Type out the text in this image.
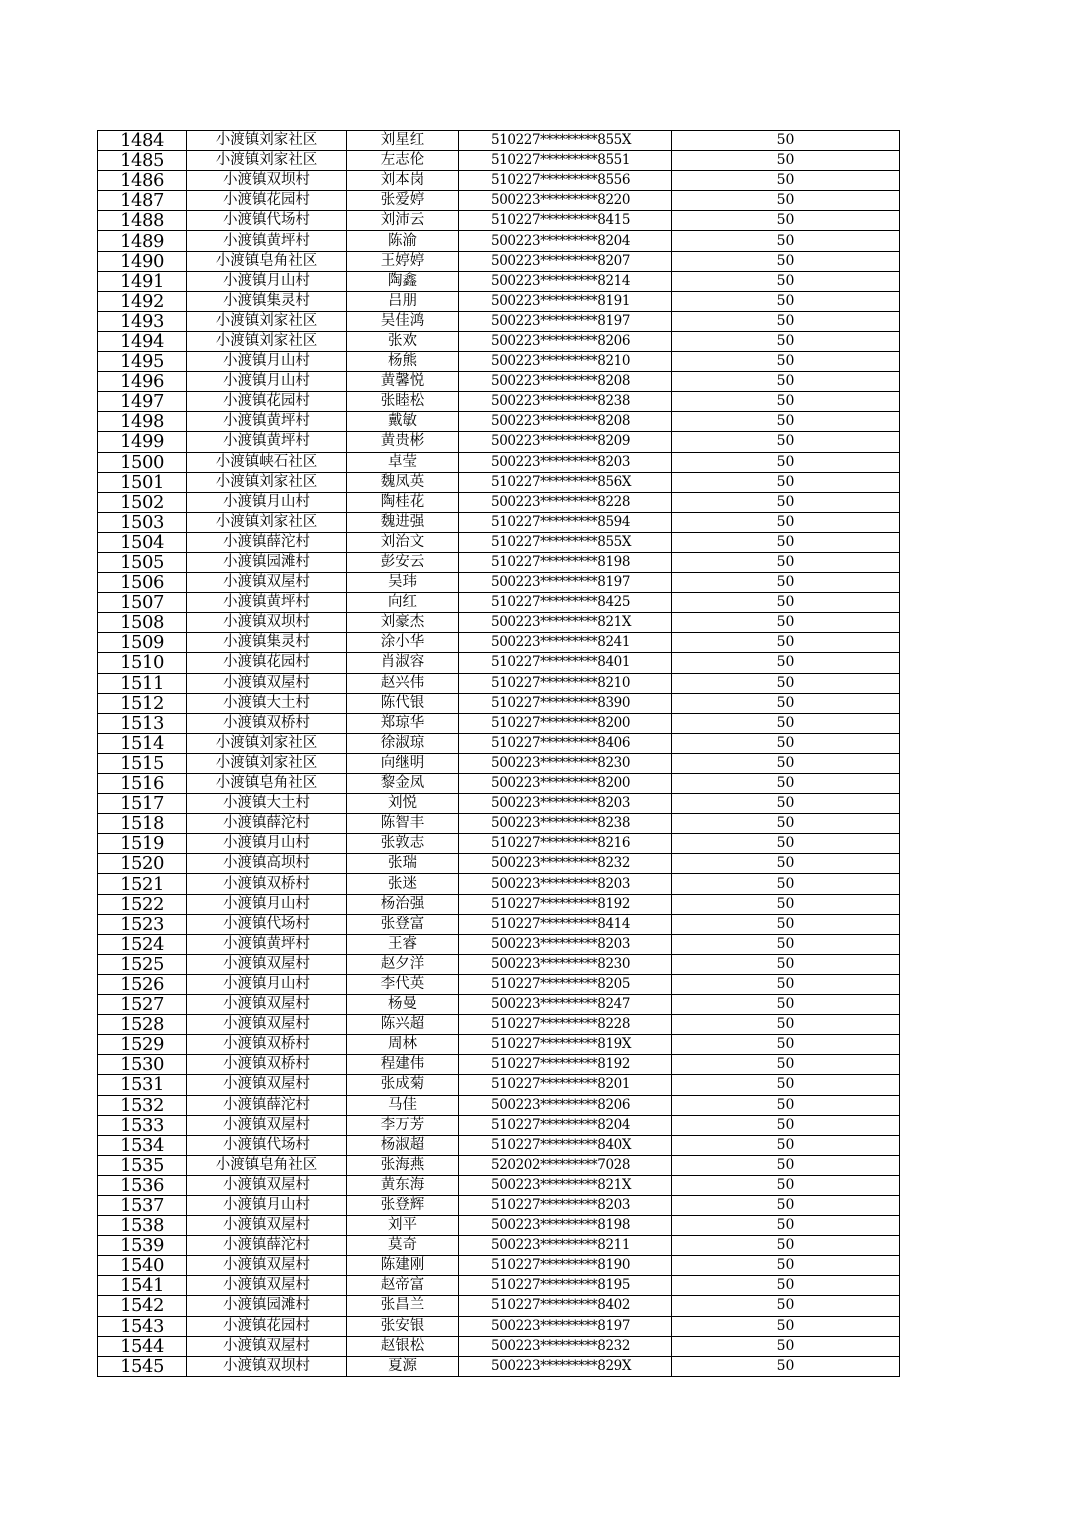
1484	小渡镇刘家社区	刘星红	510227*********855X	50
1485	小渡镇刘家社区	左志伦	510227*********8551	50
1486	小渡镇双坝村	刘本岗	510227*********8556	50
1487	小渡镇花园村	张爱婷	500223*********8220	50
1488	小渡镇代场村	刘沛云	510227*********8415	50
1489	小渡镇黄坪村	陈渝	500223*********8204	50
1490	小渡镇皂角社区	王婷婷	500223*********8207	50
1491	小渡镇月山村	陶鑫	500223*********8214	50
1492	小渡镇集灵村	吕朋	500223*********8191	50
1493	小渡镇刘家社区	吴佳鸿	500223*********8197	50
1494	小渡镇刘家社区	张欢	500223*********8206	50
1495	小渡镇月山村	杨熊	500223*********8210	50
1496	小渡镇月山村	黄馨悦	500223*********8208	50
1497	小渡镇花园村	张睦松	500223*********8238	50
1498	小渡镇黄坪村	戴敏	500223*********8208	50
1499	小渡镇黄坪村	黄贵彬	500223*********8209	50
1500	小渡镇峡石社区	卓莹	500223*********8203	50
1501	小渡镇刘家社区	魏凤英	510227*********856X	50
1502	小渡镇月山村	陶桂花	500223*********8228	50
1503	小渡镇刘家社区	魏进强	510227*********8594	50
1504	小渡镇薛沱村	刘治文	510227*********855X	50
1505	小渡镇园滩村	彭安云	510227*********8198	50
1506	小渡镇双屋村	吴玮	500223*********8197	50
1507	小渡镇黄坪村	向红	510227*********8425	50
1508	小渡镇双坝村	刘豪杰	500223*********821X	50
1509	小渡镇集灵村	涂小华	500223*********8241	50
1510	小渡镇花园村	肖淑容	510227*********8401	50
1511	小渡镇双屋村	赵兴伟	510227*********8210	50
1512	小渡镇大土村	陈代银	510227*********8390	50
1513	小渡镇双桥村	郑琼华	510227*********8200	50
1514	小渡镇刘家社区	徐淑琼	510227*********8406	50
1515	小渡镇刘家社区	向继明	500223*********8230	50
1516	小渡镇皂角社区	黎金凤	500223*********8200	50
1517	小渡镇大土村	刘悦	500223*********8203	50
1518	小渡镇薛沱村	陈智丰	500223*********8238	50
1519	小渡镇月山村	张敦志	510227*********8216	50
1520	小渡镇高坝村	张瑞	500223*********8232	50
1521	小渡镇双桥村	张迷	500223*********8203	50
1522	小渡镇月山村	杨治强	510227*********8192	50
1523	小渡镇代场村	张登富	510227*********8414	50
1524	小渡镇黄坪村	王睿	500223*********8203	50
1525	小渡镇双屋村	赵夕洋	500223*********8230	50
1526	小渡镇月山村	李代英	510227*********8205	50
1527	小渡镇双屋村	杨曼	500223*********8247	50
1528	小渡镇双屋村	陈兴超	510227*********8228	50
1529	小渡镇双桥村	周林	510227*********819X	50
1530	小渡镇双桥村	程建伟	510227*********8192	50
1531	小渡镇双屋村	张成菊	510227*********8201	50
1532	小渡镇薛沱村	马佳	500223*********8206	50
1533	小渡镇双屋村	李万芳	510227*********8204	50
1534	小渡镇代场村	杨淑超	510227*********840X	50
1535	小渡镇皂角社区	张海燕	520202*********7028	50
1536	小渡镇双屋村	黄东海	500223*********821X	50
1537	小渡镇月山村	张登辉	510227*********8203	50
1538	小渡镇双屋村	刘平	500223*********8198	50
1539	小渡镇薛沱村	莫奇	500223*********8211	50
1540	小渡镇双屋村	陈建刚	510227*********8190	50
1541	小渡镇双屋村	赵帝富	510227*********8195	50
1542	小渡镇园滩村	张昌兰	510227*********8402	50
1543	小渡镇花园村	张安银	500223*********8197	50
1544	小渡镇双屋村	赵银松	500223*********8232	50
1545	小渡镇双坝村	夏源	500223*********829X	50
